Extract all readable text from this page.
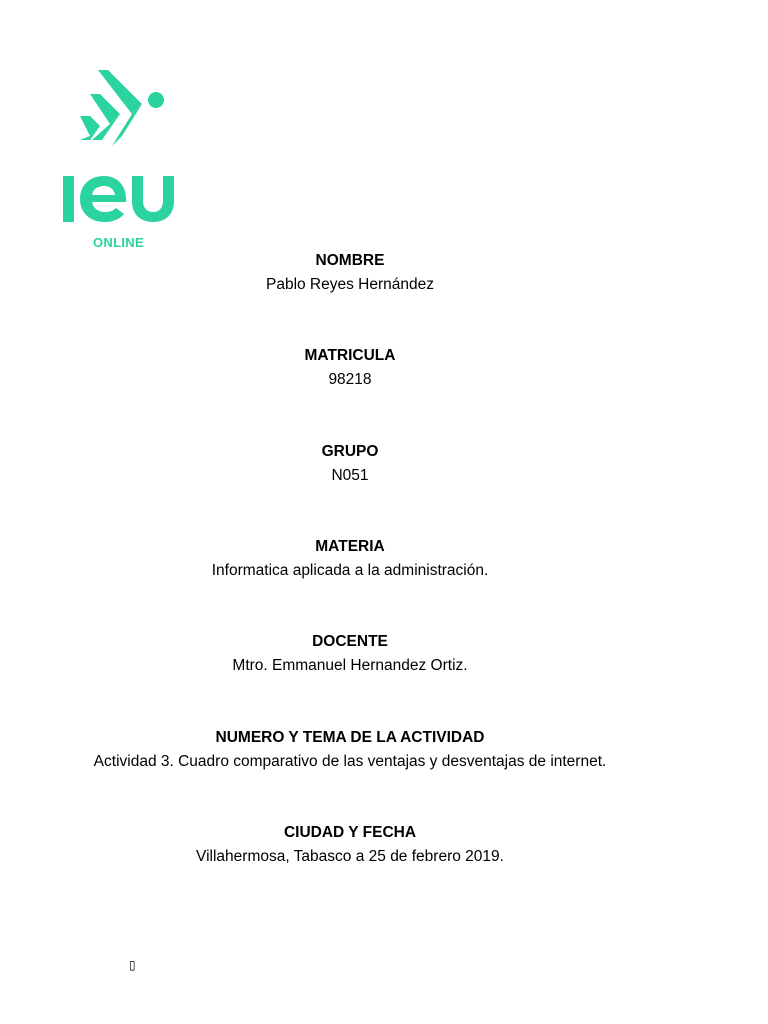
ONLINE
NOMBRE
Pablo Reyes Hernández
MATRICULA
98218
GRUPO
N051
MATERIA
Informatica aplicada a la administración.
DOCENTE
Mtro. Emmanuel Hernandez Ortiz.
NUMERO Y TEMA DE LA ACTIVIDAD
Actividad 3. Cuadro comparativo de las ventajas y desventajas de internet.
CIUDAD Y FECHA
Villahermosa, Tabasco a 25 de febrero 2019.
▯
